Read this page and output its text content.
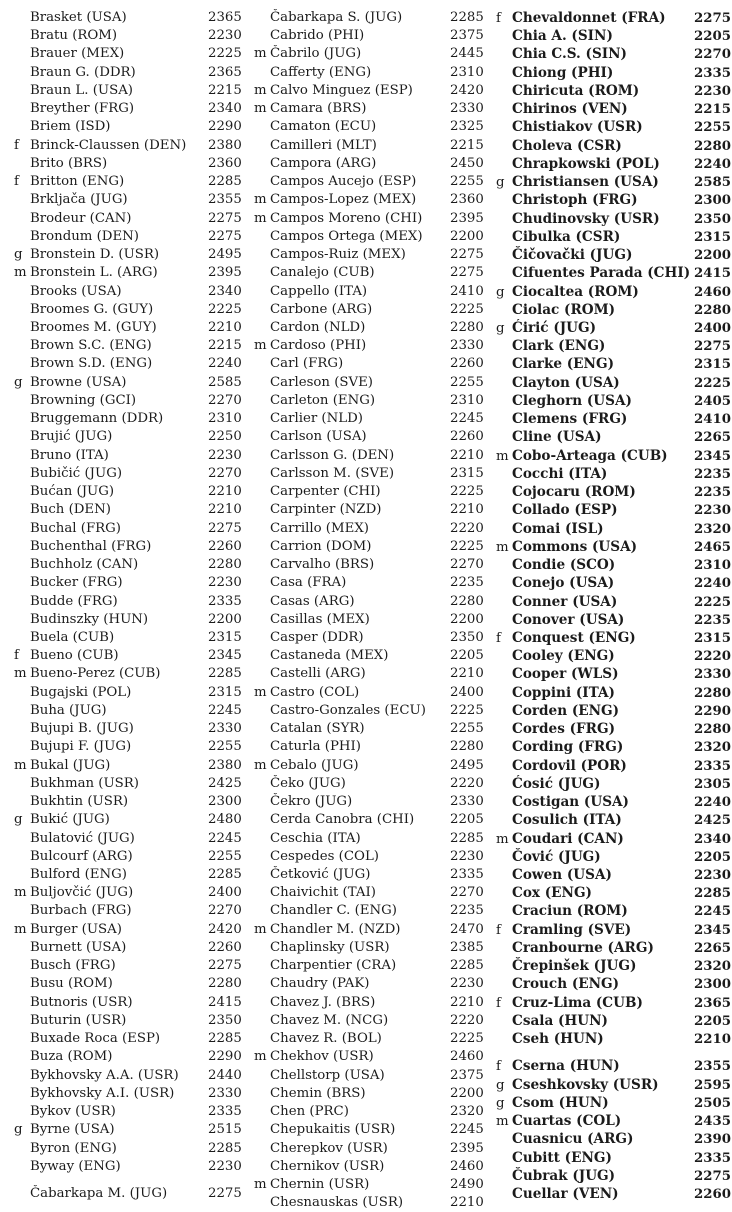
Brasket (USA)	2365
Bratu (ROM)	2230
Brauer (MEX)	2225
Braun G. (DDR)	2365
Braun L. (USA)	2215
Breyther (FRG)	2340
Briem (ISD)	2290
f Brinck-Claussen (DEN)	2380
Brito (BRS)	2360
f Britton (ENG)	2285
Brkljača (JUG)	2355
Brodeur (CAN)	2275
Brondum (DEN)	2275
g Bronstein D. (USR)	2495
m Bronstein L. (ARG)	2395
Brooks (USA)	2340
Broomes G. (GUY)	2225
Broomes M. (GUY)	2210
Brown S.C. (ENG)	2215
Brown S.D. (ENG)	2240
g Browne (USA)	2585
Browning (GCI)	2270
Bruggemann (DDR)	2310
Brujić (JUG)	2250
Bruno (ITA)	2230
Bubičić (JUG)	2270
Bućan (JUG)	2210
Buch (DEN)	2210
Buchal (FRG)	2275
Buchenthal (FRG)	2260
Buchholz (CAN)	2280
Bucker (FRG)	2230
Budde (FRG)	2335
Budinszky (HUN)	2200
Buela (CUB)	2315
f Bueno (CUB)	2345
m Bueno-Perez (CUB)	2285
Bugajski (POL)	2315
Buha (JUG)	2245
Bujupi B. (JUG)	2330
Bujupi F. (JUG)	2255
m Bukal (JUG)	2380
Bukhman (USR)	2425
Bukhtin (USR)	2300
g Bukić (JUG)	2480
Bulatović (JUG)	2245
Bulcourf (ARG)	2255
Bulford (ENG)	2285
m Buljovčić (JUG)	2400
Burbach (FRG)	2270
m Burger (USA)	2420
Burnett (USA)	2260
Busch (FRG)	2275
Busu (ROM)	2280
Butnoris (USR)	2415
Buturin (USR)	2350
Buxade Roca (ESP)	2285
Buza (ROM)	2290
Bykhovsky A.A. (USR)	2440
Bykhovsky A.I. (USR)	2330
Bykov (USR)	2335
g Byrne (USA)	2515
Byron (ENG)	2285
Byway (ENG)	2230
Čabarkapa M. (JUG)	2275
Čabarkapa S. (JUG)	2285
Cabrido (PHI)	2375
m Čabrilo (JUG)	2445
Cafferty (ENG)	2310
m Calvo Minguez (ESP)	2420
m Camara (BRS)	2330
Camaton (ECU)	2325
Camilleri (MLT)	2215
Campora (ARG)	2450
Campos Aucejo (ESP)	2255
m Campos-Lopez (MEX)	2360
m Campos Moreno (CHI)	2395
Campos Ortega (MEX)	2200
Campos-Ruiz (MEX)	2275
Canalejo (CUB)	2275
Cappello (ITA)	2410
Carbone (ARG)	2225
Cardon (NLD)	2280
m Cardoso (PHI)	2330
Carl (FRG)	2260
Carleson (SVE)	2255
Carleton (ENG)	2310
Carlier (NLD)	2245
Carlson (USA)	2260
Carlsson G. (DEN)	2210
Carlsson M. (SVE)	2315
Carpenter (CHI)	2225
Carpinter (NZD)	2210
Carrillo (MEX)	2220
Carrion (DOM)	2225
Carvalho (BRS)	2270
Casa (FRA)	2235
Casas (ARG)	2280
Casillas (MEX)	2200
Casper (DDR)	2350
Castaneda (MEX)	2205
Castelli (ARG)	2210
m Castro (COL)	2400
Castro-Gonzales (ECU)	2225
Catalan (SYR)	2255
Caturla (PHI)	2280
m Cebalo (JUG)	2495
Čeko (JUG)	2220
Čekro (JUG)	2330
Cerda Canobra (CHI)	2205
Ceschia (ITA)	2285
Cespedes (COL)	2230
Četković (JUG)	2335
Chaivichit (TAI)	2270
Chandler C. (ENG)	2235
m Chandler M. (NZD)	2470
Chaplinsky (USR)	2385
Charpentier (CRA)	2285
Chaudry (PAK)	2230
Chavez J. (BRS)	2210
Chavez M. (NCG)	2220
Chavez R. (BOL)	2225
m Chekhov (USR)	2460
Chellstorp (USA)	2375
Chemin (BRS)	2200
Chen (PRC)	2320
Chepukaitis (USR)	2245
Cherepkov (USR)	2395
Chernikov (USR)	2460
m Chernin (USR)	2490
Chesnauskas (USR)	2210
f Chevaldonnet (FRA)	2275
Chia A. (SIN)	2205
Chia C.S. (SIN)	2270
Chiong (PHI)	2335
Chiricuta (ROM)	2230
Chirinos (VEN)	2215
Chistiakov (USR)	2255
Choleva (CSR)	2280
Chrapkowski (POL)	2240
g Christiansen (USA)	2585
Christoph (FRG)	2300
Chudinovsky (USR)	2350
Cibulka (CSR)	2315
Čičovački (JUG)	2200
Cifuentes Parada (CHI) 2415
g Ciocaltea (ROM)	2460
Ciolac (ROM)	2280
g Ćirić (JUG)	2400
Clark (ENG)	2275
Clarke (ENG)	2315
Clayton (USA)	2225
Cleghorn (USA)	2405
Clemens (FRG)	2410
Cline (USA)	2265
m Cobo-Arteaga (CUB)	2345
Cocchi (ITA)	2235
Cojocaru (ROM)	2235
Collado (ESP)	2230
Comai (ISL)	2320
m Commons (USA)	2465
Condie (SCO)	2310
Conejo (USA)	2240
Conner (USA)	2225
Conover (USA)	2235
f Conquest (ENG)	2315
Cooley (ENG)	2220
Cooper (WLS)	2330
Coppini (ITA)	2280
Corden (ENG)	2290
Cordes (FRG)	2280
Cording (FRG)	2320
Cordovil (POR)	2335
Ćosić (JUG)	2305
Costigan (USA)	2240
Cosulich (ITA)	2425
m Coudari (CAN)	2340
Čović (JUG)	2205
Cowen (USA)	2230
Cox (ENG)	2285
Craciun (ROM)	2245
f Cramling (SVE)	2345
Cranbourne (ARG)	2265
Črepinšek (JUG)	2320
Crouch (ENG)	2300
f Cruz-Lima (CUB)	2365
Csala (HUN)	2205
Cseh (HUN)	2210
f Cserna (HUN)	2355
g Cseshkovsky (USR)	2595
g Csom (HUN)	2505
m Cuartas (COL)	2435
Cuasnicu (ARG)	2390
Cubitt (ENG)	2335
Čubrak (JUG)	2275
Cuellar (VEN)	2260
